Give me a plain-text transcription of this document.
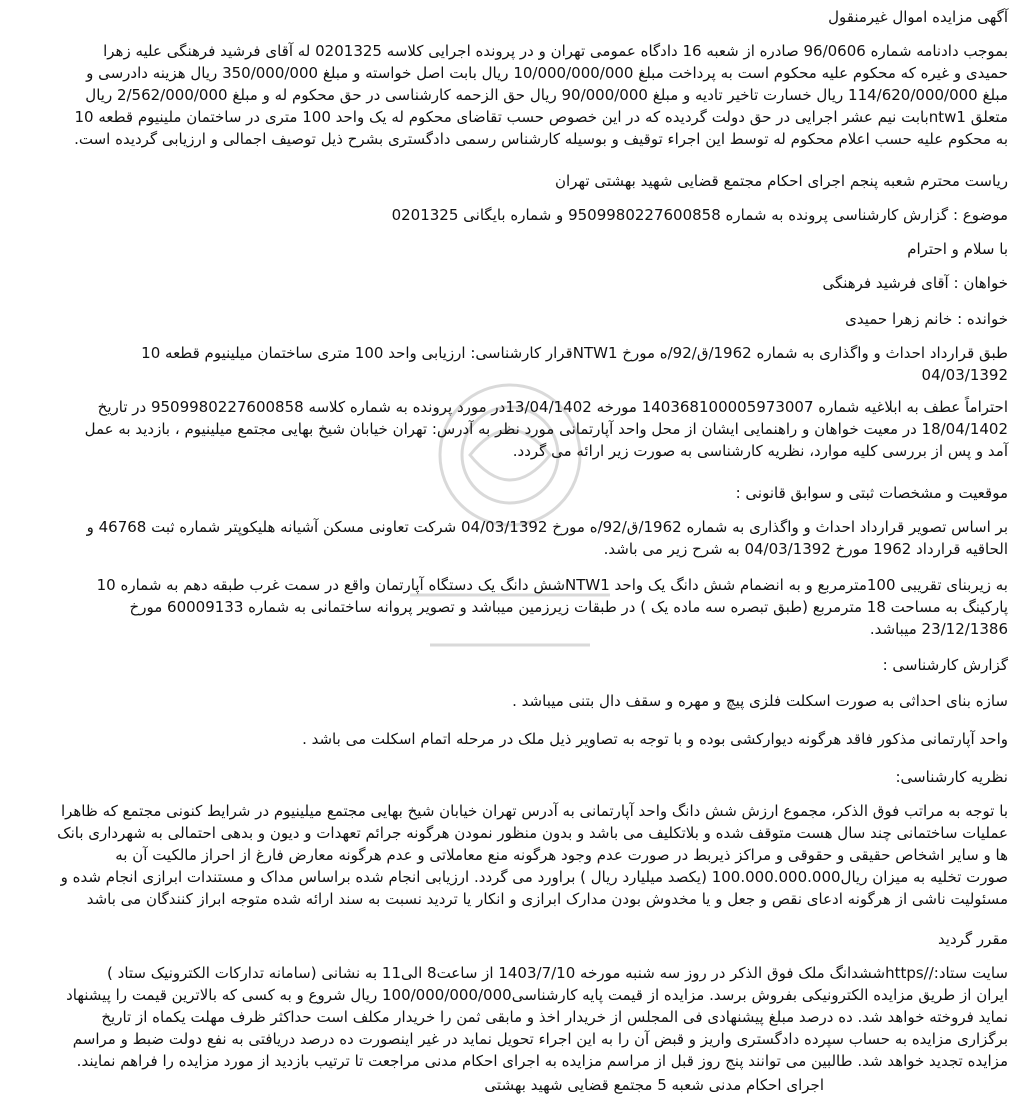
آگهی مزایده اموال غیرمنقول
بموجب دادنامه شماره 96/0606 صادره از شعبه 16 دادگاه عمومی تهران و در پرونده اجرایی کلاسه 0201325 له آقای فرشید فرهنگی علیه زهرا
حمیدی و غیره که محکوم علیه محکوم است به پرداخت مبلغ 10/000/000/000 ریال بابت اصل خواسته و مبلغ 350/000/000 ریال هزینه دادرسی و
مبلغ 114/620/000/000 ریال خسارت تاخیر تادیه و مبلغ 90/000/000 ریال حق الزحمه کارشناسی در حق محکوم له و مبلغ 2/562/000/000 ریال
متعلق ntw1بابت نیم عشر اجرایی در حق دولت گردیده که در این خصوص حسب تقاضای محکوم له یک واحد 100 متری در ساختمان ملینیوم قطعه 10
به محکوم علیه حسب اعلام محکوم له توسط این اجراء توقیف و بوسیله کارشناس رسمی دادگستری بشرح ذیل توصیف اجمالی و ارزیابی گردیده است.
ریاست محترم شعبه پنجم اجرای احکام مجتمع قضایی شهید بهشتی تهران
موضوع : گزارش کارشناسی پرونده به شماره 9509980227600858 و شماره بایگانی 0201325
با سلام و احترام
خواهان : آقای فرشید فرهنگی
خوانده : خانم زهرا حمیدی
طبق قرارداد احداث و واگذاری به شماره 1962/ق/92/ه مورخ NTW1قرار کارشناسی: ارزیابی واحد 100 متری ساختمان میلینیوم قطعه 10
04/03/1392
احتراماً عطف به ابلاغیه شماره 140368100005973007 مورخه 13/04/1402در مورد پرونده به شماره کلاسه 9509980227600858 در تاریخ
18/04/1402 در معیت خواهان و راهنمایی ایشان از محل واحد آپارتمانی مورد نظر به آدرس: تهران خیابان شیخ بهایی مجتمع میلینیوم ، بازدید به عمل
آمد و پس از بررسی کلیه موارد، نظریه کارشناسی به صورت زیر ارائه می گردد.
موقعیت و مشخصات ثبتی و سوابق قانونی :
بر اساس تصویر قرارداد احداث و واگذاری به شماره 1962/ق/92/ه مورخ 04/03/1392 شرکت تعاونی مسکن آشیانه هلیکوپتر شماره ثبت 46768 و
الحاقیه قرارداد 1962 مورخ 04/03/1392 به شرح زیر می باشد.
به زیربنای تقریبی 100مترمربع و به انضمام شش دانگ یک واحد NTW1شش دانگ یک دستگاه آپارتمان واقع در سمت غرب طبقه دهم به شماره 10
پارکینگ به مساحت 18 مترمربع (طبق تبصره سه ماده یک ) در طبقات زیرزمین میباشد و تصویر پروانه ساختمانی به شماره 60009133 مورخ
23/12/1386 میباشد.
گزارش کارشناسی :
سازه بنای احداثی به صورت اسکلت فلزی پیچ و مهره و سقف دال بتنی میباشد .
واحد آپارتمانی مذکور فاقد هرگونه دیوارکشی بوده و با توجه به تصاویر ذیل ملک در مرحله اتمام اسکلت می باشد .
نظریه کارشناسی:
با توجه به مراتب فوق الذکر، مجموع ارزش شش دانگ واحد آپارتمانی به آدرس تهران خیابان شیخ بهایی مجتمع میلینیوم در شرایط کنونی مجتمع که ظاهرا
عملیات ساختمانی چند سال هست متوقف شده و بلاتکلیف می باشد و بدون منظور نمودن هرگونه جرائم تعهدات و دیون و بدهی احتمالی به شهرداری بانک
ها و سایر اشخاص حقیقی و حقوقی و مراکز ذیربط در صورت عدم وجود هرگونه منع معاملاتی و عدم هرگونه معارض فارغ از احراز مالکیت آن به
صورت تخلیه به میزان ریال100.000.000.000 (یکصد میلیارد ریال ) براورد می گردد. ارزیابی انجام شده براساس مداک و مستندات ابرازی انجام شده و
مسئولیت ناشی از هرگونه ادعای نقص و جعل و یا مخدوش بودن مدارک ابرازی و انکار یا تردید نسبت به سند ارائه شده متوجه ابراز کنندگان می باشد
مقرر گردید
سایت ستاد://httpsششدانگ ملک فوق الذکر در روز سه شنبه مورخه 1403/7/10 از ساعت8 الی11 به نشانی (سامانه تدارکات الکترونیک ستاد )
ایران از طریق مزایده الکترونیکی بفروش برسد. مزایده از قیمت پایه کارشناسی100/000/000/000 ریال شروع و به کسی که بالاترین قیمت را پیشنهاد
نماید فروخته خواهد شد. ده درصد مبلغ پیشنهادی فی المجلس از خریدار اخذ و مابقی ثمن را خریدار مکلف است حداکثر ظرف مهلت یکماه از تاریخ
برگزاری مزایده به حساب سپرده دادگستری واریز و قبض آن را به این اجراء تحویل نماید در غیر اینصورت ده درصد دریافتی به نفع دولت ضبط و مراسم
مزایده تجدید خواهد شد. طالبین می توانند پنج روز قبل از مراسم مزایده به اجرای احکام مدنی مراجعت تا ترتیب بازدید از مورد مزایده را فراهم نمایند.
اجرای احکام مدنی شعبه 5 مجتمع قضایی شهید بهشتی
